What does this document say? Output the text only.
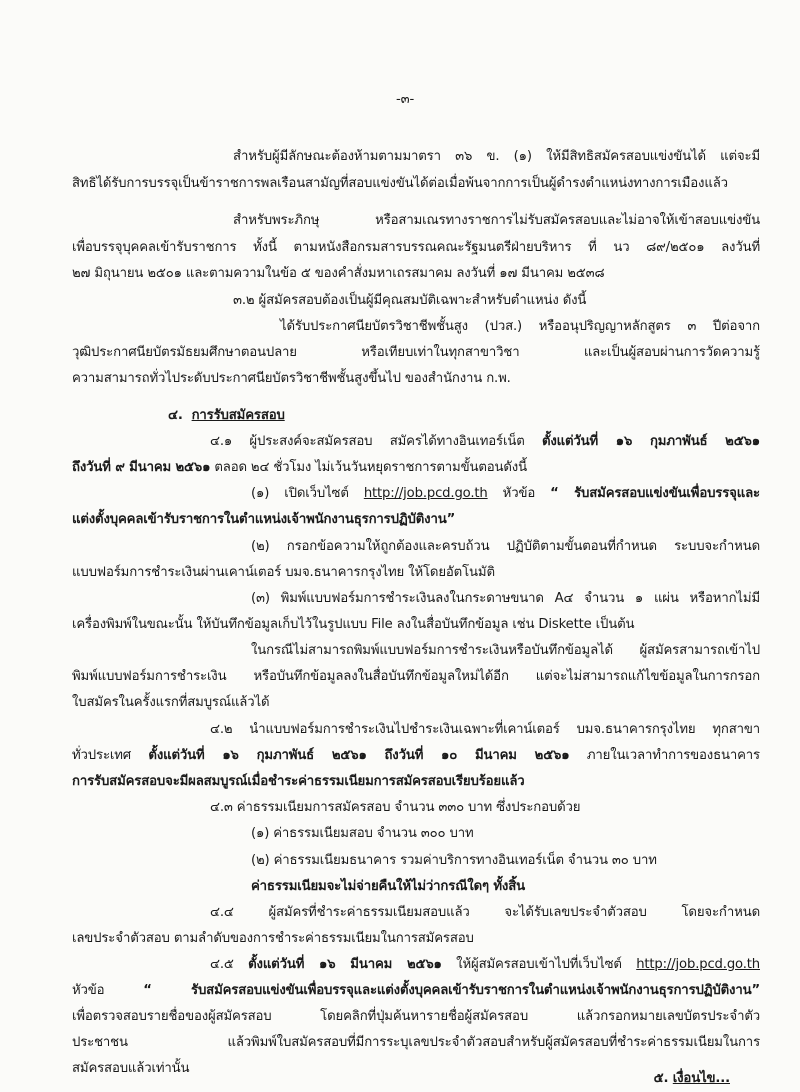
-๓-
สำหรับผู้มีลักษณะต้องห้ามตามมาตรา ๓๖ ข. (๑) ให้มีสิทธิสมัครสอบแข่งขันได้ แต่จะมี
สิทธิได้รับการบรรจุเป็นข้าราชการพลเรือนสามัญที่สอบแข่งขันได้ต่อเมื่อพ้นจากการเป็นผู้ดำรงตำแหน่งทางการเมืองแล้ว
สำหรับพระภิกษุ หรือสามเณรทางราชการไม่รับสมัครสอบและไม่อาจให้เข้าสอบแข่งขัน
เพื่อบรรจุบุคคลเข้ารับราชการ ทั้งนี้ ตามหนังสือกรมสารบรรณคณะรัฐมนตรีฝ่ายบริหาร ที่ นว ๘๙/๒๕๐๑ ลงวันที่
๒๗ มิถุนายน ๒๕๐๑ และตามความในข้อ ๕ ของคำสั่งมหาเถรสมาคม ลงวันที่ ๑๗ มีนาคม ๒๕๓๘
๓.๒ ผู้สมัครสอบต้องเป็นผู้มีคุณสมบัติเฉพาะสำหรับตำแหน่ง ดังนี้
ได้รับประกาศนียบัตรวิชาชีพชั้นสูง (ปวส.) หรืออนุปริญญาหลักสูตร ๓ ปีต่อจาก
วุฒิประกาศนียบัตรมัธยมศึกษาตอนปลาย หรือเทียบเท่าในทุกสาขาวิชา และเป็นผู้สอบผ่านการวัดความรู้
ความสามารถทั่วไประดับประกาศนียบัตรวิชาชีพชั้นสูงขึ้นไป ของสำนักงาน ก.พ.
๔. การรับสมัครสอบ
๔.๑ ผู้ประสงค์จะสมัครสอบ สมัครได้ทางอินเทอร์เน็ต ตั้งแต่วันที่ ๑๖ กุมภาพันธ์ ๒๕๖๑
ถึงวันที่ ๙ มีนาคม ๒๕๖๑ ตลอด ๒๔ ชั่วโมง ไม่เว้นวันหยุดราชการตามขั้นตอนดังนี้
(๑) เปิดเว็บไซต์ http://job.pcd.go.th หัวข้อ “ รับสมัครสอบแข่งขันเพื่อบรรจุและ
แต่งตั้งบุคคลเข้ารับราชการในตำแหน่งเจ้าพนักงานธุรการปฏิบัติงาน”
(๒) กรอกข้อความให้ถูกต้องและครบถ้วน ปฏิบัติตามขั้นตอนที่กำหนด ระบบจะกำหนด
แบบฟอร์มการชำระเงินผ่านเคาน์เตอร์ บมจ.ธนาคารกรุงไทย ให้โดยอัตโนมัติ
(๓) พิมพ์แบบฟอร์มการชำระเงินลงในกระดาษขนาด A๔ จำนวน ๑ แผ่น หรือหากไม่มี
เครื่องพิมพ์ในขณะนั้น ให้บันทึกข้อมูลเก็บไว้ในรูปแบบ File ลงในสื่อบันทึกข้อมูล เช่น Diskette เป็นต้น
ในกรณีไม่สามารถพิมพ์แบบฟอร์มการชำระเงินหรือบันทึกข้อมูลได้ ผู้สมัครสามารถเข้าไป
พิมพ์แบบฟอร์มการชำระเงิน หรือบันทึกข้อมูลลงในสื่อบันทึกข้อมูลใหม่ได้อีก แต่จะไม่สามารถแก้ไขข้อมูลในการกรอก
ใบสมัครในครั้งแรกที่สมบูรณ์แล้วได้
๔.๒ นำแบบฟอร์มการชำระเงินไปชำระเงินเฉพาะที่เคาน์เตอร์ บมจ.ธนาคารกรุงไทย ทุกสาขา
ทั่วประเทศ ตั้งแต่วันที่ ๑๖ กุมภาพันธ์ ๒๕๖๑ ถึงวันที่ ๑๐ มีนาคม ๒๕๖๑ ภายในเวลาทำการของธนาคาร
การรับสมัครสอบจะมีผลสมบูรณ์เมื่อชำระค่าธรรมเนียมการสมัครสอบเรียบร้อยแล้ว
๔.๓ ค่าธรรมเนียมการสมัครสอบ จำนวน ๓๓๐ บาท ซึ่งประกอบด้วย
(๑) ค่าธรรมเนียมสอบ จำนวน ๓๐๐ บาท
(๒) ค่าธรรมเนียมธนาคาร รวมค่าบริการทางอินเทอร์เน็ต จำนวน ๓๐ บาท
ค่าธรรมเนียมจะไม่จ่ายคืนให้ไม่ว่ากรณีใดๆ ทั้งสิ้น
๔.๔ ผู้สมัครที่ชำระค่าธรรมเนียมสอบแล้ว จะได้รับเลขประจำตัวสอบ โดยจะกำหนด
เลขประจำตัวสอบ ตามลำดับของการชำระค่าธรรมเนียมในการสมัครสอบ
๔.๕ ตั้งแต่วันที่ ๑๖ มีนาคม ๒๕๖๑ ให้ผู้สมัครสอบเข้าไปที่เว็บไซต์ http://job.pcd.go.th
หัวข้อ “ รับสมัครสอบแข่งขันเพื่อบรรจุและแต่งตั้งบุคคลเข้ารับราชการในตำแหน่งเจ้าพนักงานธุรการปฏิบัติงาน”
เพื่อตรวจสอบรายชื่อของผู้สมัครสอบ โดยคลิกที่ปุ่มค้นหารายชื่อผู้สมัครสอบ แล้วกรอกหมายเลขบัตรประจำตัว
ประชาชน แล้วพิมพ์ใบสมัครสอบที่มีการระบุเลขประจำตัวสอบสำหรับผู้สมัครสอบที่ชำระค่าธรรมเนียมในการ
สมัครสอบแล้วเท่านั้น
๕. เงื่อนไข...
